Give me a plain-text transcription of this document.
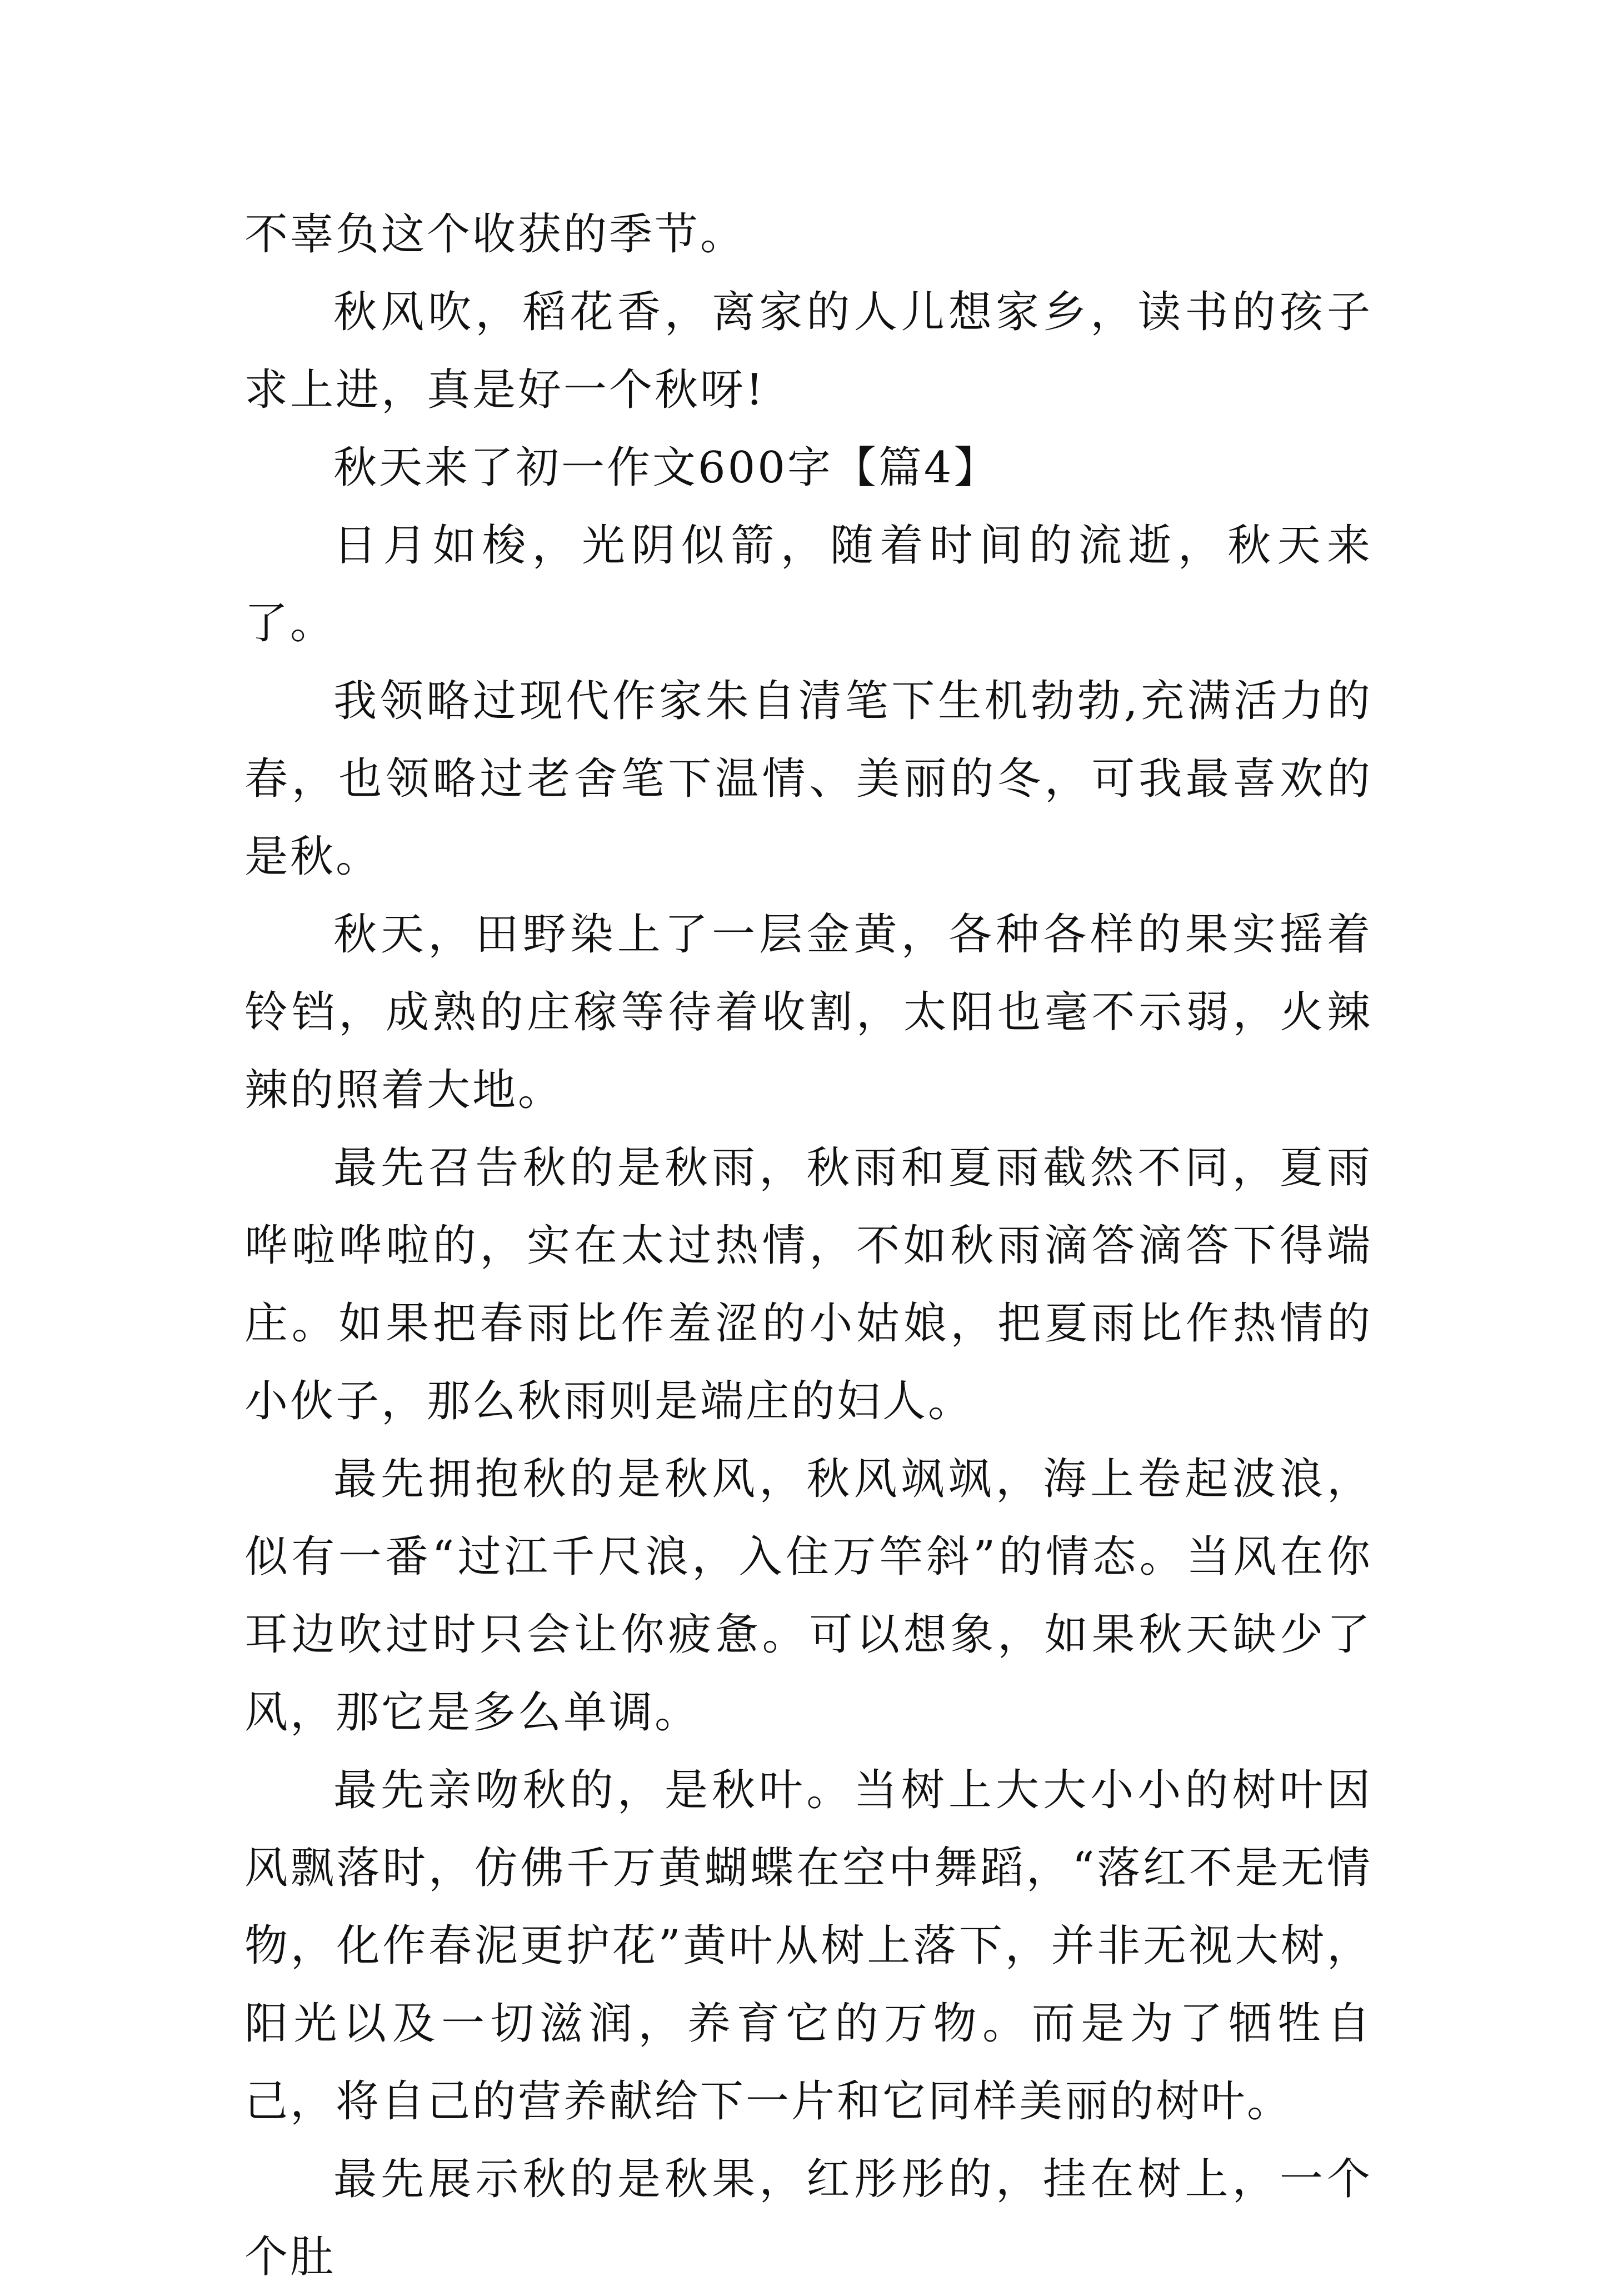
不辜负这个收获的季节。

秋风吹，稻花香，离家的人儿想家乡，读书的孩子求上进，真是好一个秋呀!

秋天来了初一作文600字【篇4】

日月如梭，光阴似箭，随着时间的流逝，秋天来了。

我领略过现代作家朱自清笔下生机勃勃,充满活力的春，也领略过老舍笔下温情、美丽的冬，可我最喜欢的是秋。

秋天，田野染上了一层金黄，各种各样的果实摇着铃铛，成熟的庄稼等待着收割，太阳也毫不示弱，火辣辣的照着大地。

最先召告秋的是秋雨，秋雨和夏雨截然不同，夏雨哗啦哗啦的，实在太过热情，不如秋雨滴答滴答下得端庄。如果把春雨比作羞涩的小姑娘，把夏雨比作热情的小伙子，那么秋雨则是端庄的妇人。

最先拥抱秋的是秋风，秋风飒飒，海上卷起波浪，似有一番“过江千尺浪，入住万竿斜”的情态。当风在你耳边吹过时只会让你疲惫。可以想象，如果秋天缺少了风，那它是多么单调。

最先亲吻秋的，是秋叶。当树上大大小小的树叶因风飘落时，仿佛千万黄蝴蝶在空中舞蹈，“落红不是无情物，化作春泥更护花”黄叶从树上落下，并非无视大树，阳光以及一切滋润，养育它的万物。而是为了牺牲自己，将自己的营养献给下一片和它同样美丽的树叶。

最先展示秋的是秋果，红彤彤的，挂在树上，一个个肚
